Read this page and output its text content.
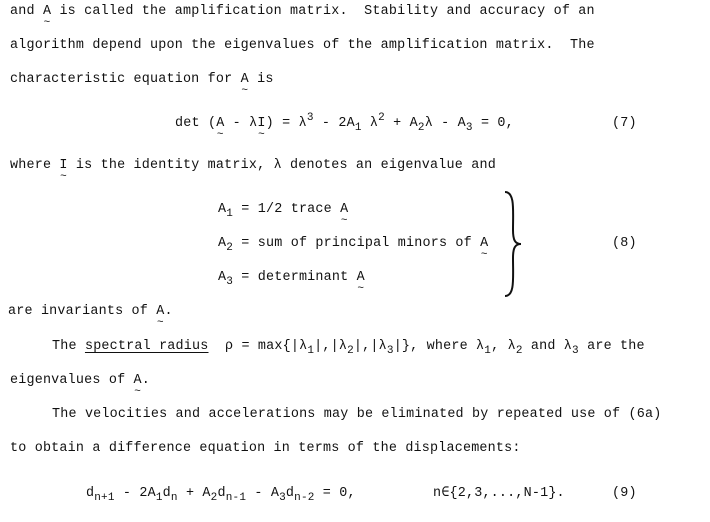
and A ~ is called the amplification matrix.  Stability and accuracy of an
algorithm depend upon the eigenvalues of the amplification matrix.  The
characteristic equation for A ~ is
det (A ~ - λI ~) = $\lambda^3 - 2A_1$ $\lambda^2 + A_2\lambda - A_3 = 0$,	(7)
where I ~ is the identity matrix, λ denotes an eigenvalue and
$A_1 = 1/2$ trace A ~
$A_2$ = sum of principal minors of A ~
$A_3$ = determinant A ~
(8)
are invariants of A ~.
The spectral radius  $\rho = \max\{|\lambda_1|,|\lambda_2|,|\lambda_3|\}$, where $\lambda_1$, $\lambda_2$ and $\lambda_3$ are the
eigenvalues of A ~.
The velocities and accelerations may be eliminated by repeated use of (6a)
to obtain a difference equation in terms of the displacements:
$d_{n+1} - 2A_1d_n + A_2d_{n-1} - A_3d_{n-2} = 0$,	n∈{2,3,...,N-1}.	(9)
